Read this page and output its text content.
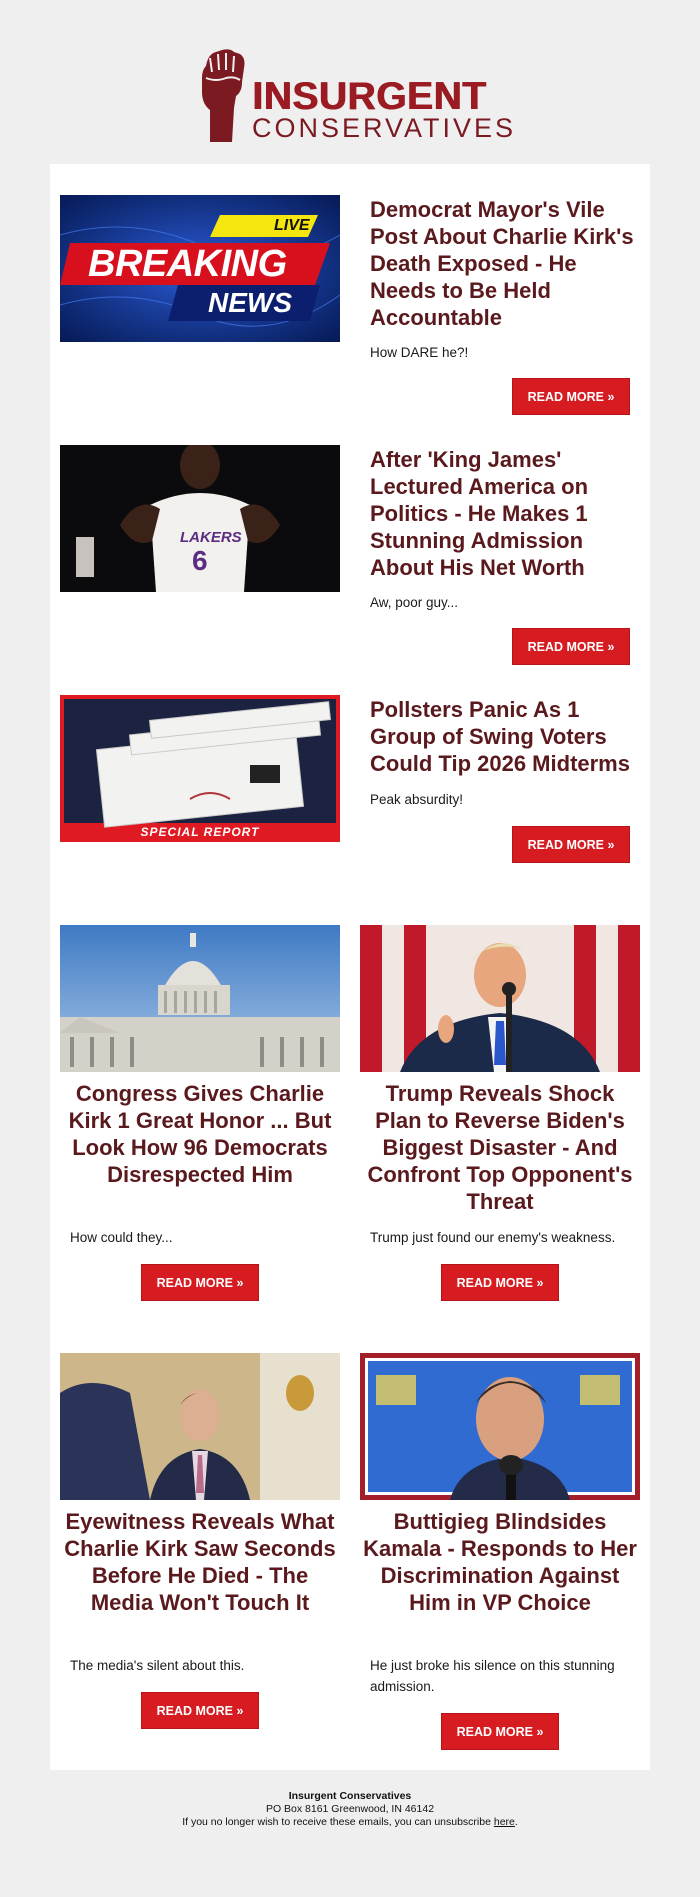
INSURGENT
CONSERVATIVES
LIVE
BREAKING
NEWS
Democrat Mayor's Vile Post About Charlie Kirk's Death Exposed - He Needs to Be Held Accountable

How DARE he?!

READ MORE »
LAKERS
6
After 'King James' Lectured America on Politics - He Makes 1 Stunning Admission About His Net Worth

Aw, poor guy...

READ MORE »
SPECIAL REPORT
Pollsters Panic As 1 Group of Swing Voters Could Tip 2026 Midterms

Peak absurdity!

READ MORE »
Congress Gives Charlie Kirk 1 Great Honor ... But Look How 96 Democrats Disrespected Him

How could they...

READ MORE »
Trump Reveals Shock Plan to Reverse Biden's Biggest Disaster - And Confront Top Opponent's Threat

Trump just found our enemy's weakness.

READ MORE »
Eyewitness Reveals What Charlie Kirk Saw Seconds Before He Died - The Media Won't Touch It

The media's silent about this.

READ MORE »
Buttigieg Blindsides Kamala - Responds to Her Discrimination Against Him in VP Choice

He just broke his silence on this stunning admission.

READ MORE »
Insurgent Conservatives
PO Box 8161 Greenwood, IN 46142
If you no longer wish to receive these emails, you can unsubscribe here.
